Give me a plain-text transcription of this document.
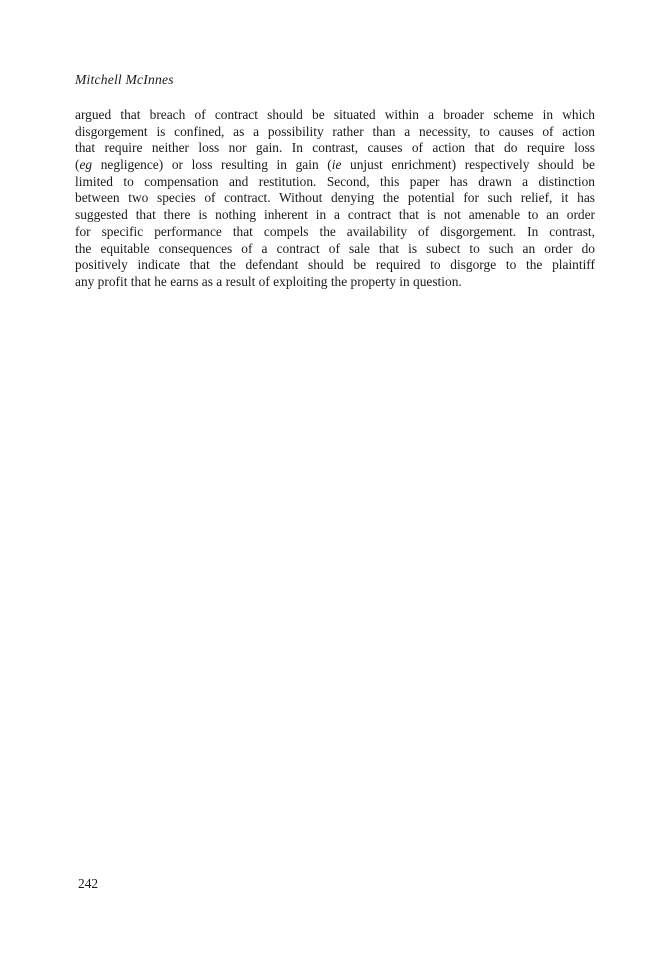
Mitchell McInnes
argued that breach of contract should be situated within a broader scheme in which
disgorgement is confined, as a possibility rather than a necessity, to causes of action
that require neither loss nor gain. In contrast, causes of action that do require loss
(eg negligence) or loss resulting in gain (ie unjust enrichment) respectively should be
limited to compensation and restitution. Second, this paper has drawn a distinction
between two species of contract. Without denying the potential for such relief, it has
suggested that there is nothing inherent in a contract that is not amenable to an order
for specific performance that compels the availability of disgorgement. In contrast,
the equitable consequences of a contract of sale that is subect to such an order do
positively indicate that the defendant should be required to disgorge to the plaintiff
any profit that he earns as a result of exploiting the property in question.
242
